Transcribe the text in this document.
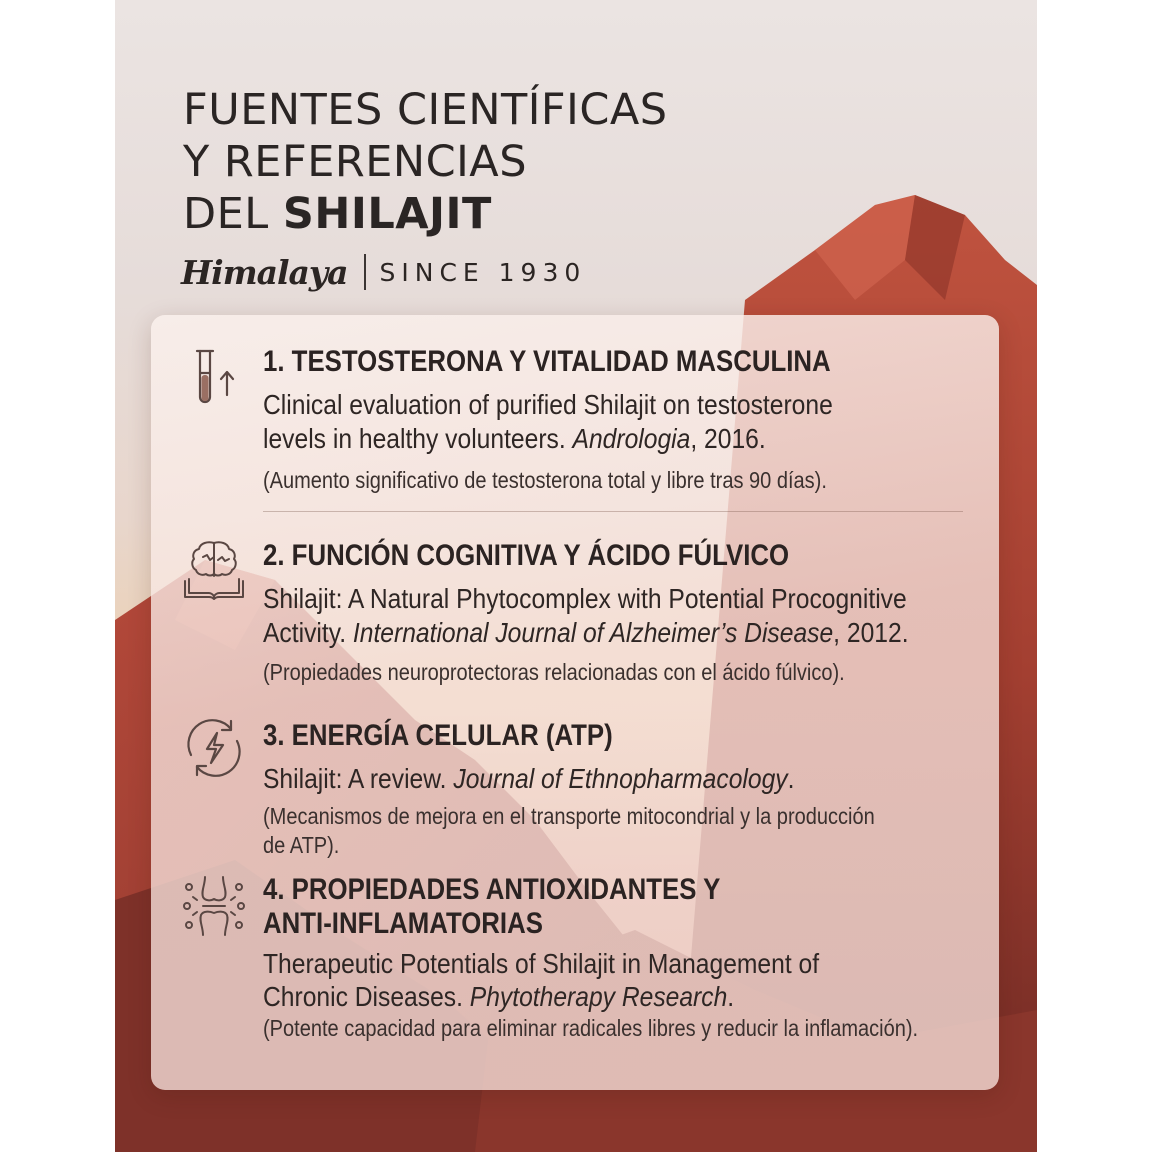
FUENTES CIENTÍFICAS
Y REFERENCIAS
DEL SHILAJIT
Himalaya SINCE 1930

1. TESTOSTERONA Y VITALIDAD MASCULINA

Clinical evaluation of purified Shilajit on testosterone

levels in healthy volunteers. Andrologia, 2016.

(Aumento significativo de testosterona total y libre tras 90 días).

2. FUNCIÓN COGNITIVA Y ÁCIDO FÚLVICO

Shilajit: A Natural Phytocomplex with Potential Procognitive

Activity. International Journal of Alzheimer’s Disease, 2012.

(Propiedades neuroprotectoras relacionadas con el ácido fúlvico).

3. ENERGÍA CELULAR (ATP)

Shilajit: A review. Journal of Ethnopharmacology.

(Mecanismos de mejora en el transporte mitocondrial y la producción

de ATP).

4. PROPIEDADES ANTIOXIDANTES Y

ANTI-INFLAMATORIAS

Therapeutic Potentials of Shilajit in Management of

Chronic Diseases. Phytotherapy Research.

(Potente capacidad para eliminar radicales libres y reducir la inflamación).
